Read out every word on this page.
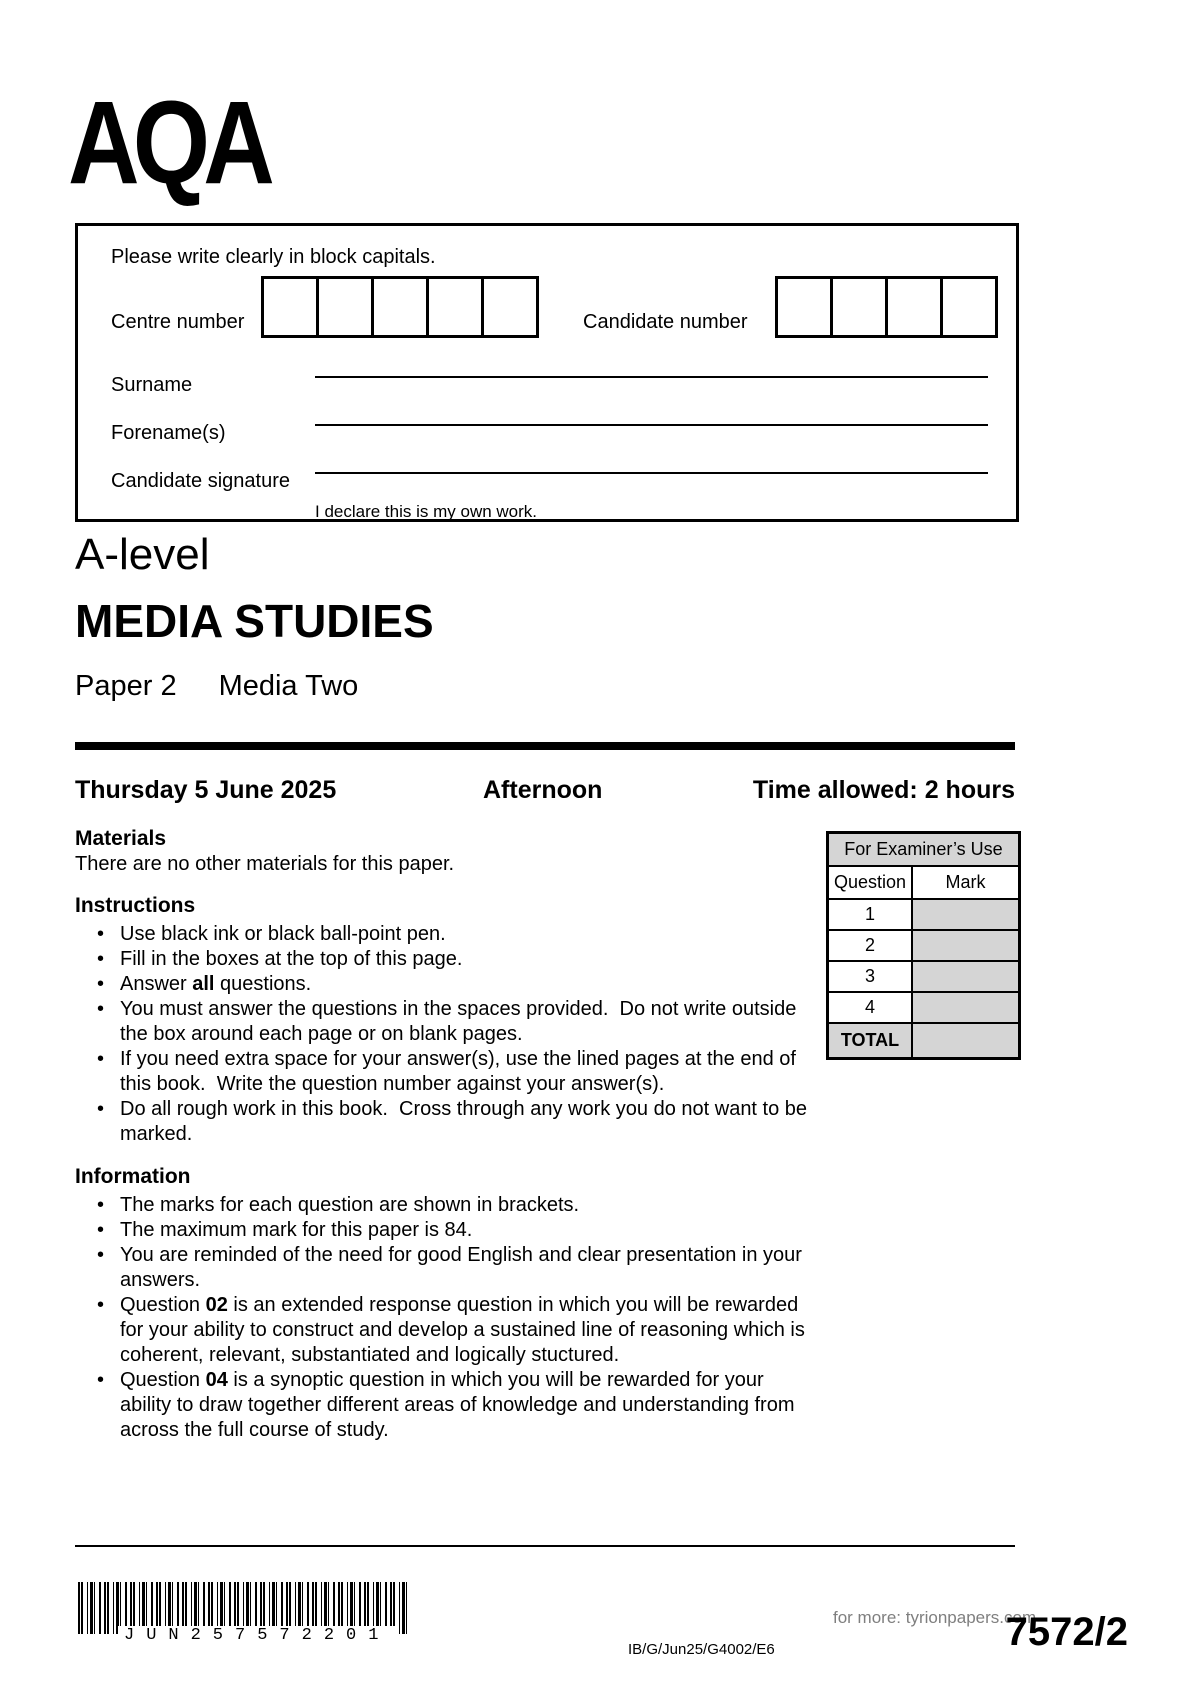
AQA
Please write clearly in block capitals.
Centre number	Candidate number
Surname
Forename(s)
Candidate signature
I declare this is my own work.
A-level
MEDIA STUDIES
Paper 2 Media Two
Thursday 5 June 2025	Afternoon	Time allowed: 2 hours

Materials

There are no other materials for this paper.

Instructions

• Use black ink or black ball-point pen.
• Fill in the boxes at the top of this page.
• Answer all questions.
• You must answer the questions in the spaces provided.  Do not write outside the box around each page or on blank pages.
• If you need extra space for your answer(s), use the lined pages at the end of this book.  Write the question number against your answer(s).
• Do all rough work in this book.  Cross through any work you do not want to be marked.

Information

• The marks for each question are shown in brackets.
• The maximum mark for this paper is 84.
• You are reminded of the need for good English and clear presentation in your answers.
• Question 02 is an extended response question in which you will be rewarded for your ability to construct and develop a sustained line of reasoning which is coherent, relevant, substantiated and logically stuctured.
• Question 04 is a synoptic question in which you will be rewarded for your ability to draw together different areas of knowledge and understanding from across the full course of study.
For Examiner’s Use
Question	Mark
1
2
3
4
TOTAL
JUN257572201
IB/G/Jun25/G4002/E6
for more: tyrionpapers.com
7572/2
